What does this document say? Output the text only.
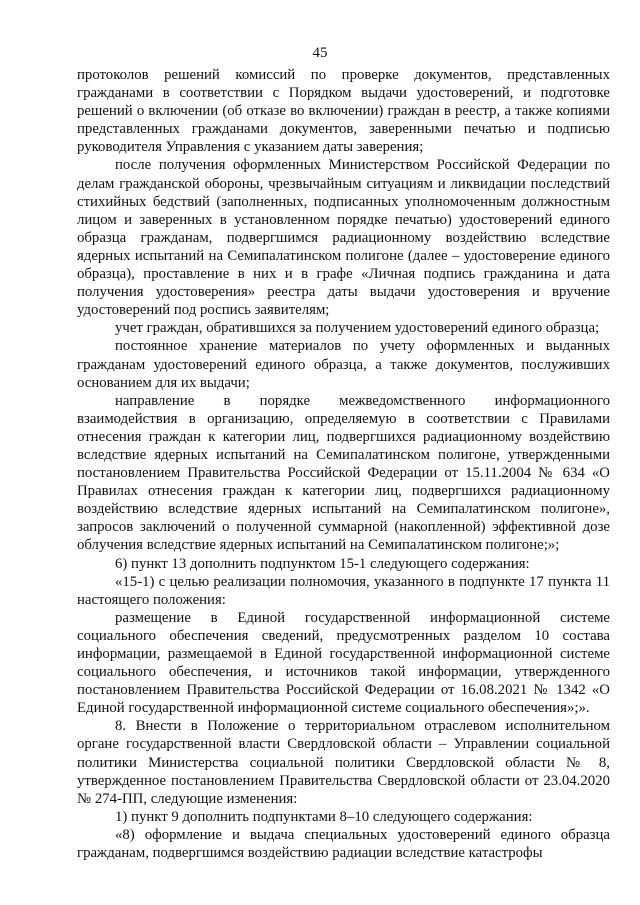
45

протоколов решений комиссий по проверке документов, представленных гражданами в соответствии с Порядком выдачи удостоверений, и подготовке решений о включении (об отказе во включении) граждан в реестр, а также копиями представленных гражданами документов, заверенными печатью и подписью руководителя Управления с указанием даты заверения;

после получения оформленных Министерством Российской Федерации по делам гражданской обороны, чрезвычайным ситуациям и ликвидации последствий стихийных бедствий (заполненных, подписанных уполномоченным должностным лицом и заверенных в установленном порядке печатью) удостоверений единого образца гражданам, подвергшимся радиационному воздействию вследствие ядерных испытаний на Семипалатинском полигоне (далее – удостоверение единого образца), проставление в них и в графе «Личная подпись гражданина и дата получения удостоверения» реестра даты выдачи удостоверения и вручение удостоверений под роспись заявителям;

учет граждан, обратившихся за получением удостоверений единого образца;

постоянное хранение материалов по учету оформленных и выданных гражданам удостоверений единого образца, а также документов, послуживших основанием для их выдачи;

направление в порядке межведомственного информационного взаимодействия в организацию, определяемую в соответствии с Правилами отнесения граждан к категории лиц, подвергшихся радиационному воздействию вследствие ядерных испытаний на Семипалатинском полигоне, утвержденными постановлением Правительства Российской Федерации от 15.11.2004 № 634 «О Правилах отнесения граждан к категории лиц, подвергшихся радиационному воздействию вследствие ядерных испытаний на Семипалатинском полигоне», запросов заключений о полученной суммарной (накопленной) эффективной дозе облучения вследствие ядерных испытаний на Семипалатинском полигоне;»;

6) пункт 13 дополнить подпунктом 15-1 следующего содержания:

«15-1) с целью реализации полномочия, указанного в подпункте 17 пункта 11 настоящего положения:

размещение в Единой государственной информационной системе социального обеспечения сведений, предусмотренных разделом 10 состава информации, размещаемой в Единой государственной информационной системе социального обеспечения, и источников такой информации, утвержденного постановлением Правительства Российской Федерации от 16.08.2021 № 1342 «О Единой государственной информационной системе социального обеспечения»;».

8. Внести в Положение о территориальном отраслевом исполнительном органе государственной власти Свердловской области – Управлении социальной политики Министерства социальной политики Свердловской области № 8, утвержденное постановлением Правительства Свердловской области от 23.04.2020 № 274-ПП, следующие изменения:

1) пункт 9 дополнить подпунктами 8–10 следующего содержания:

«8) оформление и выдача специальных удостоверений единого образца гражданам, подвергшимся воздействию радиации вследствие катастрофы
